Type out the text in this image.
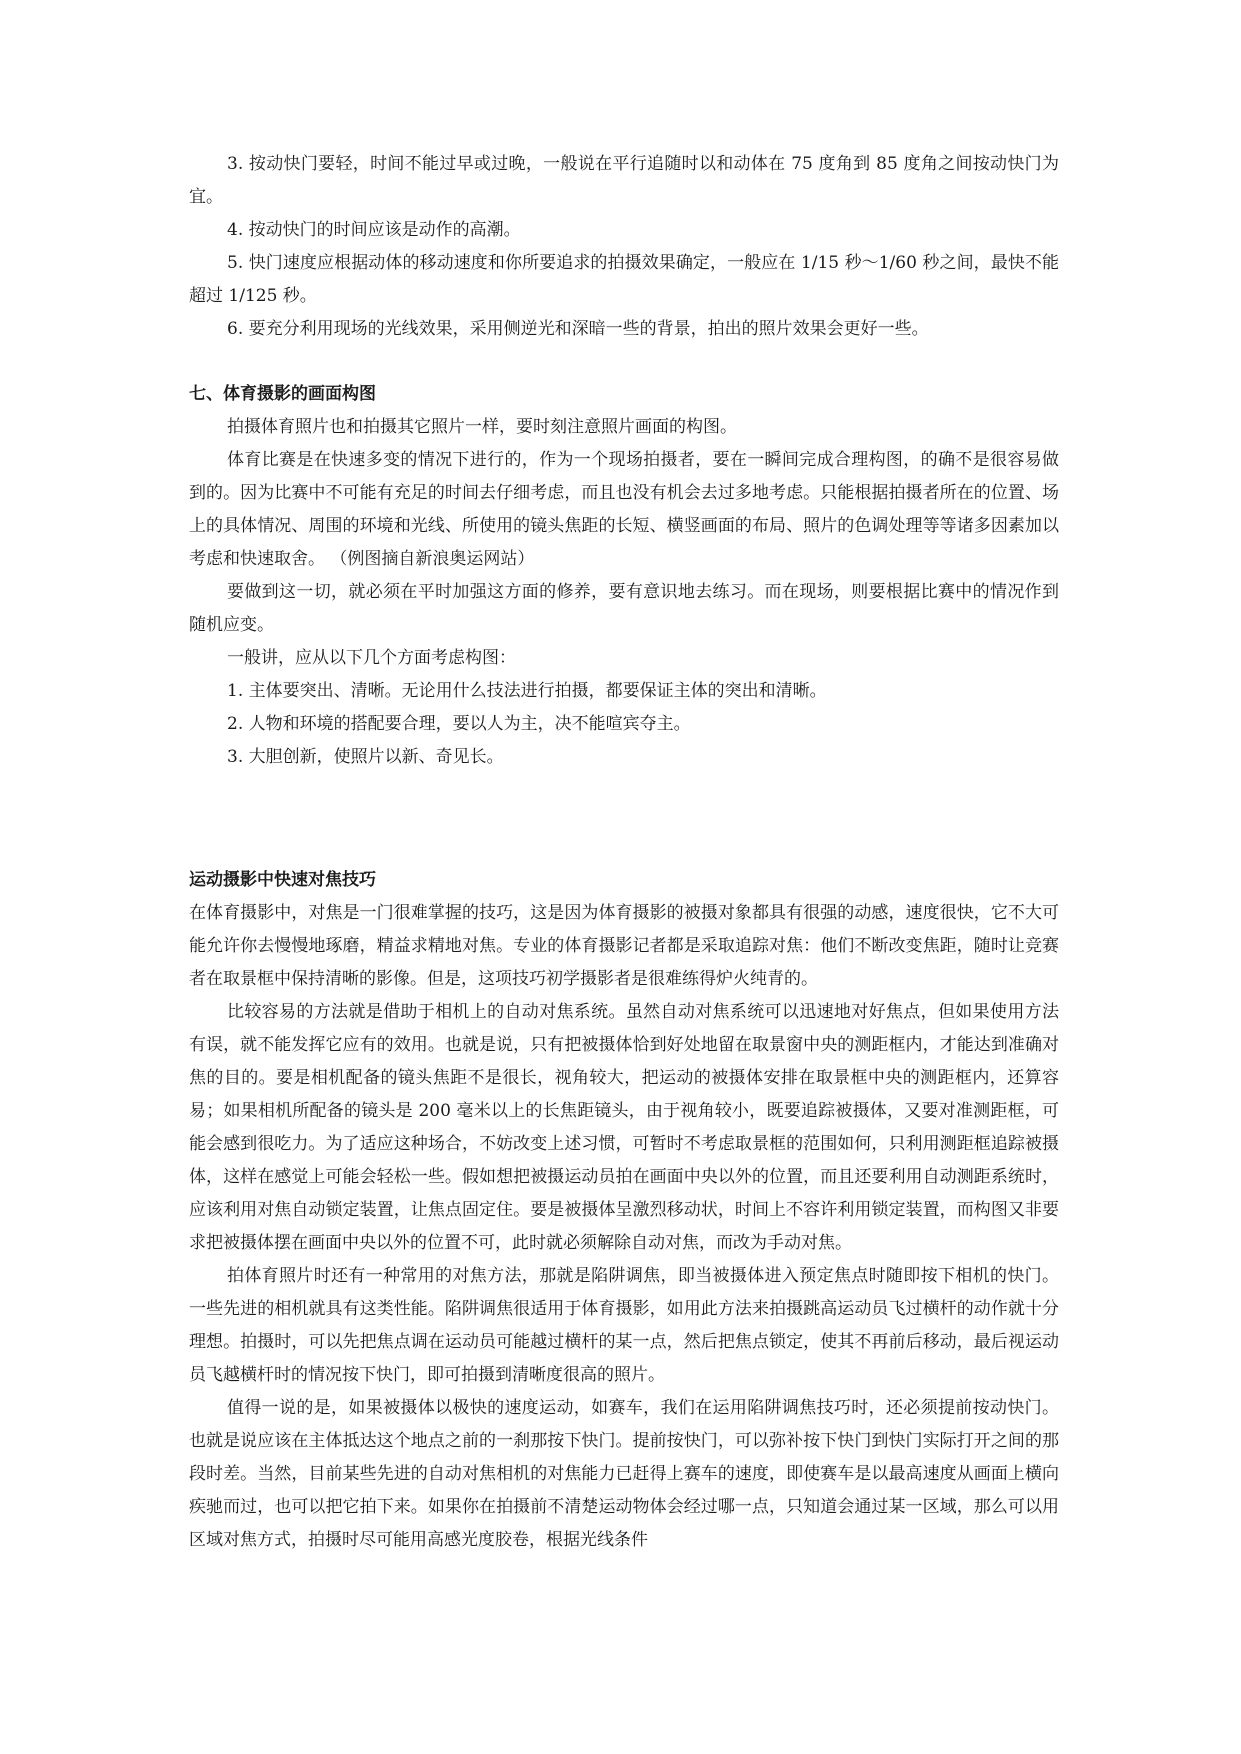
3. 按动快门要轻，时间不能过早或过晚，一般说在平行追随时以和动体在 75 度角到 85 度角之间按动快门为宜。

4. 按动快门的时间应该是动作的高潮。

5. 快门速度应根据动体的移动速度和你所要追求的拍摄效果确定，一般应在 1/15 秒～1/60 秒之间，最快不能超过 1/125 秒。

6. 要充分利用现场的光线效果，采用侧逆光和深暗一些的背景，拍出的照片效果会更好一些。

七、体育摄影的画面构图

拍摄体育照片也和拍摄其它照片一样，要时刻注意照片画面的构图。

体育比赛是在快速多变的情况下进行的，作为一个现场拍摄者，要在一瞬间完成合理构图，的确不是很容易做到的。因为比赛中不可能有充足的时间去仔细考虑，而且也没有机会去过多地考虑。只能根据拍摄者所在的位置、场上的具体情况、周围的环境和光线、所使用的镜头焦距的长短、横竖画面的布局、照片的色调处理等等诸多因素加以考虑和快速取舍。 （例图摘自新浪奥运网站）

要做到这一切，就必须在平时加强这方面的修养，要有意识地去练习。而在现场，则要根据比赛中的情况作到随机应变。

一般讲，应从以下几个方面考虑构图：

1. 主体要突出、清晰。无论用什么技法进行拍摄，都要保证主体的突出和清晰。

2. 人物和环境的搭配要合理，要以人为主，决不能喧宾夺主。

3. 大胆创新，使照片以新、奇见长。

运动摄影中快速对焦技巧

在体育摄影中，对焦是一门很难掌握的技巧，这是因为体育摄影的被摄对象都具有很强的动感，速度很快，它不大可能允许你去慢慢地琢磨，精益求精地对焦。专业的体育摄影记者都是采取追踪对焦：他们不断改变焦距，随时让竞赛者在取景框中保持清晰的影像。但是，这项技巧初学摄影者是很难练得炉火纯青的。

比较容易的方法就是借助于相机上的自动对焦系统。虽然自动对焦系统可以迅速地对好焦点，但如果使用方法有误，就不能发挥它应有的效用。也就是说，只有把被摄体恰到好处地留在取景窗中央的测距框内，才能达到准确对焦的目的。要是相机配备的镜头焦距不是很长，视角较大，把运动的被摄体安排在取景框中央的测距框内，还算容易；如果相机所配备的镜头是 200 毫米以上的长焦距镜头，由于视角较小，既要追踪被摄体，又要对准测距框，可能会感到很吃力。为了适应这种场合，不妨改变上述习惯，可暂时不考虑取景框的范围如何，只利用测距框追踪被摄 体，这样在感觉上可能会轻松一些。假如想把被摄运动员拍在画面中央以外的位置，而且还要利用自动测距系统时，应该利用对焦自动锁定装置，让焦点固定住。要是被摄体呈激烈移动状，时间上不容许利用锁定装置，而构图又非要求把被摄体摆在画面中央以外的位置不可，此时就必须解除自动对焦，而改为手动对焦。

拍体育照片时还有一种常用的对焦方法，那就是陷阱调焦，即当被摄体进入预定焦点时随即按下相机的快门。一些先进的相机就具有这类性能。陷阱调焦很适用于体育摄影，如用此方法来拍摄跳高运动员飞过横杆的动作就十分理想。拍摄时，可以先把焦点调在运动员可能越过横杆的某一点，然后把焦点锁定，使其不再前后移动，最后视运动员飞越横杆时的情况按下快门，即可拍摄到清晰度很高的照片。

值得一说的是，如果被摄体以极快的速度运动，如赛车，我们在运用陷阱调焦技巧时，还必须提前按动快门。也就是说应该在主体抵达这个地点之前的一刹那按下快门。提前按快门，可以弥补按下快门到快门实际打开之间的那段时差。当然，目前某些先进的自动对焦相机的对焦能力已赶得上赛车的速度，即使赛车是以最高速度从画面上横向疾驰而过，也可以把它拍下来。如果你在拍摄前不清楚运动物体会经过哪一点，只知道会通过某一区域，那么可以用区域对焦方式，拍摄时尽可能用高感光度胶卷，根据光线条件
